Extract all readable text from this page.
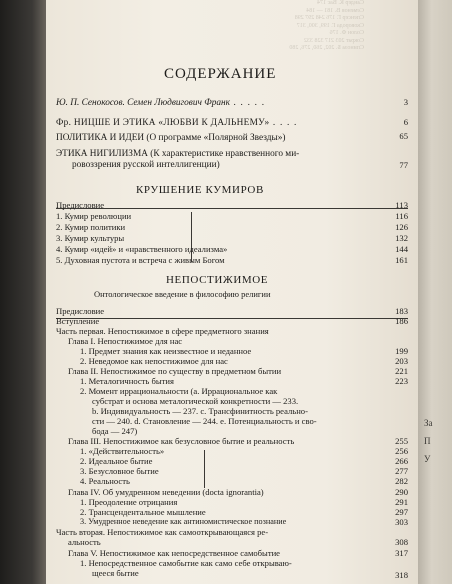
Сандер К. Вас 174
Семенов В. 181 — 184
Спенсер Г. 176 248 297 298
Сковорода Г. 199, 300, 317
Солон Ф. 176
Сократ 203 217 328 332
Спиноза Б. 202, 260, 276, 280
СОДЕРЖАНИЕ
Ю. П. Сенокосов. Семен Людвигович Франк . . . . .	3
Фр. НИЦШЕ И ЭТИКА «ЛЮБВИ К ДАЛЬНЕМУ» . . . .	6
ПОЛИТИКА И ИДЕИ (О программе «Полярной Звезды»)	65
ЭТИКА НИГИЛИЗМА (К характеристике нравственного ми-
ровоззрения русской интеллигенции)	77
КРУШЕНИЕ КУМИРОВ
Предисловие	113
1. Кумир революции	116
2. Кумир политики	126
3. Кумир культуры	132
4. Кумир «идей» и «нравственного идеализма»	144
5. Духовная пустота и встреча с живым Богом	161
НЕПОСТИЖИМОЕ
Онтологическое введение в философию религии
Предисловие	183
Вступление	186
Часть первая. Непостижимое в сфере предметного знания
Глава I. Непостижимое для нас
1. Предмет знания как неизвестное и неданное	199
2. Неведомое как непостижимое для нас	203
Глава II. Непостижимое по существу в предметном бытии	221
1. Металогичность бытия	223
2. Момент иррациональности (a. Иррациональное как
субстрат и основа металогической конкретности — 233.
b. Индивидуальность — 237. c. Трансфинитность реально-
сти — 240. d. Становление — 244. e. Потенциальность и сво-
бода — 247)
Глава III. Непостижимое как безусловное бытие и реальность	255
1. «Действительность»	256
2. Идеальное бытие	266
3. Безусловное бытие	277
4. Реальность	282
Глава IV. Об умудренном неведении (docta ignorantia)	290
1. Преодоление отрицания	291
2. Трансцендентальное мышление	297
3. Умудренное неведение как антиномистическое познание	303
Часть вторая. Непостижимое как самооткрывающаяся ре-
альность	308
Глава V. Непостижимое как непосредственное самобытие	317
1. Непосредственное самобытие как само себе открываю-
щееся бытие	318
За
П
У
